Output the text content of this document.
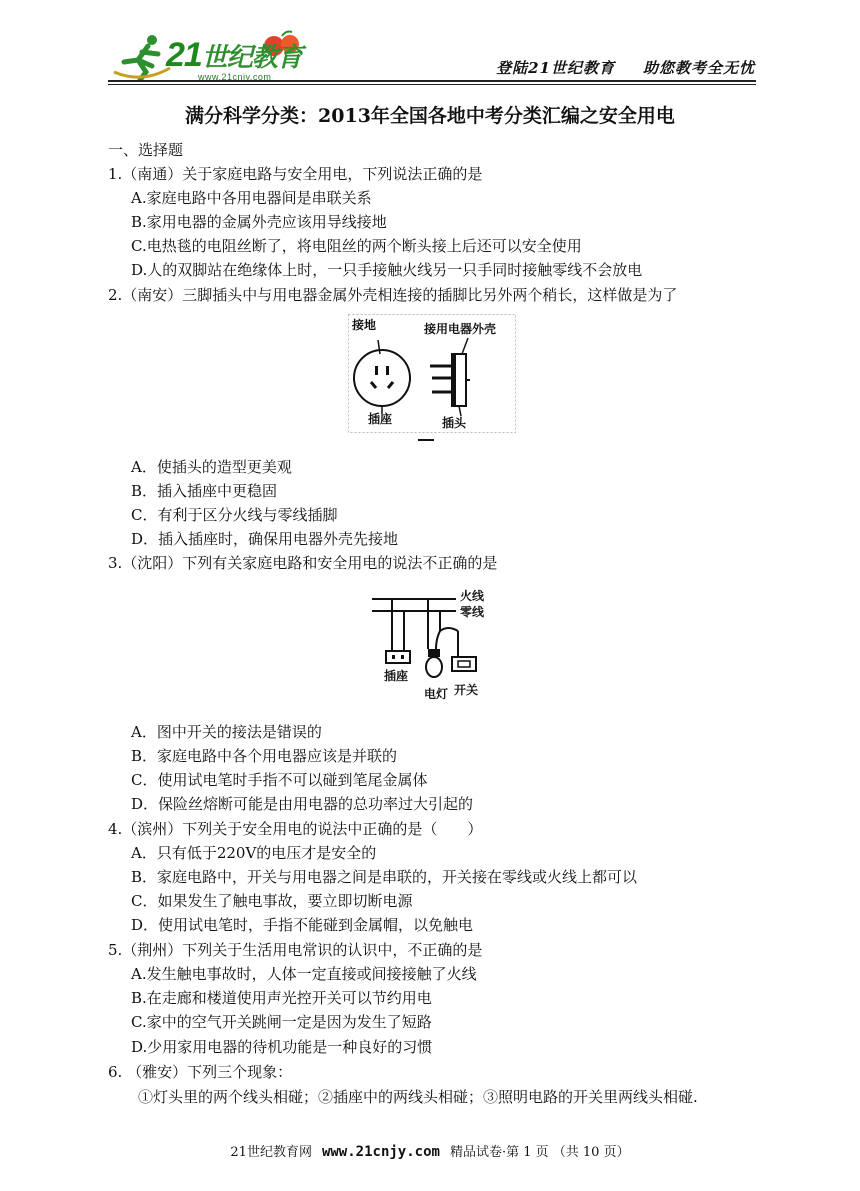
21世纪教育
www.21cnjy.com	登陆21世纪教育 助您教考全无忧
满分科学分类：2013年全国各地中考分类汇编之安全用电
一、选择题
1.（南通）关于家庭电路与安全用电，下列说法正确的是
A.家庭电路中各用电器间是串联关系
B.家用电器的金属外壳应该用导线接地
C.电热毯的电阻丝断了，将电阻丝的两个断头接上后还可以安全使用
D.人的双脚站在绝缘体上时，一只手接触火线另一只手同时接触零线不会放电
2.（南安）三脚插头中与用电器金属外壳相连接的插脚比另外两个稍长，这样做是为了
接地
插座
接用电器外壳
插头
A．使插头的造型更美观
B．插入插座中更稳固
C．有利于区分火线与零线插脚
D．插入插座时，确保用电器外壳先接地
3.（沈阳）下列有关家庭电路和安全用电的说法不正确的是
火线
零线
插座
电灯 开关
A．图中开关的接法是错误的
B．家庭电路中各个用电器应该是并联的
C．使用试电笔时手指不可以碰到笔尾金属体
D．保险丝熔断可能是由用电器的总功率过大引起的
4.（滨州）下列关于安全用电的说法中正确的是（　　）
A．只有低于220V的电压才是安全的
B．家庭电路中，开关与用电器之间是串联的，开关接在零线或火线上都可以
C．如果发生了触电事故，要立即切断电源
D．使用试电笔时，手指不能碰到金属帽，以免触电
5.（荆州）下列关于生活用电常识的认识中，不正确的是
A.发生触电事故时，人体一定直接或间接接触了火线
B.在走廊和楼道使用声光控开关可以节约用电
C.家中的空气开关跳闸一定是因为发生了短路
D.少用家用电器的待机功能是一种良好的习惯
6. （雅安）下列三个现象：
①灯头里的两个线头相碰；②插座中的两线头相碰；③照明电路的开关里两线头相碰.
21世纪教育网 www.21cnjy.com 精品试卷·第 1 页 （共 10 页）
